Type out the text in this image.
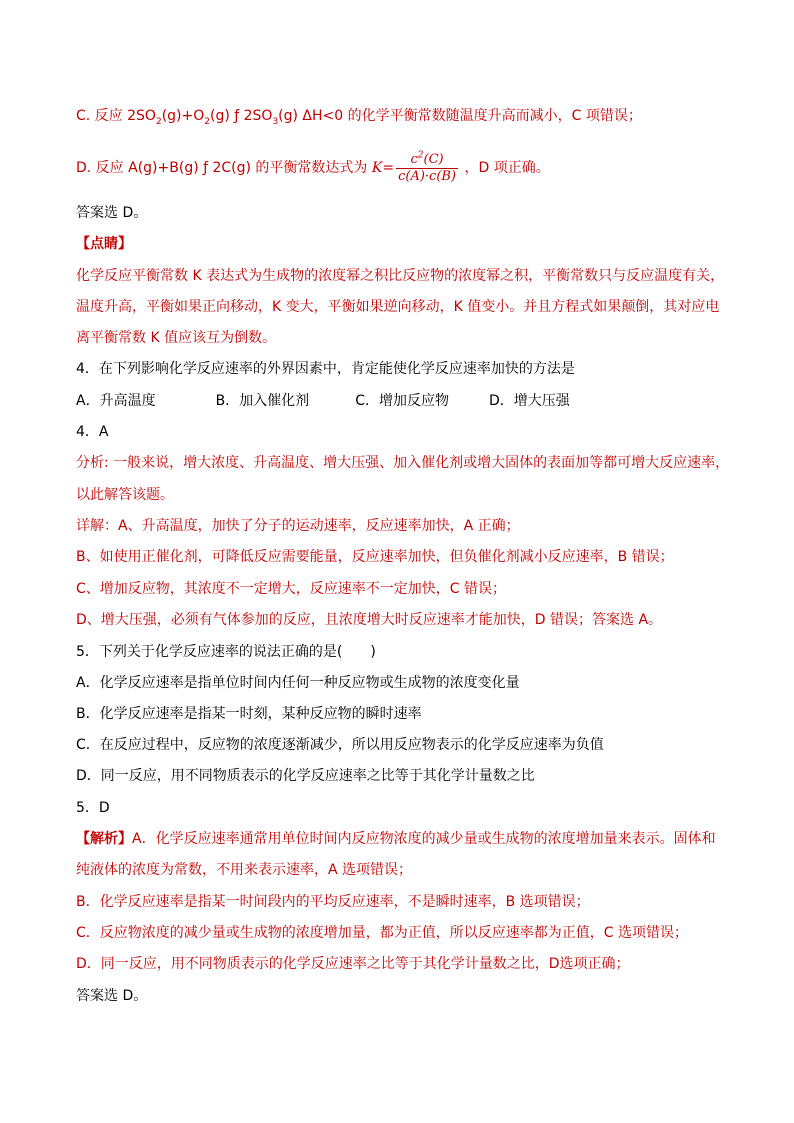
C. 反应 $2SO_2(g)+O_2(g)$ ƒ $2SO_3(g)$ ΔH<0 的化学平衡常数随温度升高而减小，C 项错误；
D. 反应 A(g)+B(g) ƒ 2C(g) 的平衡常数达式为 $K= \frac{c^2(C)}{c(A)\cdot c(B)}$ ，D 项正确。
答案选 D。
【点睛】
化学反应平衡常数 K 表达式为生成物的浓度幂之积比反应物的浓度幂之积，平衡常数只与反应温度有关，
温度升高，平衡如果正向移动，K 变大，平衡如果逆向移动，K 值变小。并且方程式如果颠倒，其对应电
离平衡常数 K 值应该互为倒数。
4．在下列影响化学反应速率的外界因素中，肯定能使化学反应速率加快的方法是
A．升高温度	B．加入催化剂	C．增加反应物	D．增大压强
4．A
分析: 一般来说，增大浓度、升高温度、增大压强、加入催化剂或增大固体的表面加等都可增大反应速率，
以此解答该题。
详解：A、升高温度，加快了分子的运动速率，反应速率加快，A 正确；
B、如使用正催化剂，可降低反应需要能量，反应速率加快，但负催化剂减小反应速率，B 错误；
C、增加反应物，其浓度不一定增大，反应速率不一定加快，C 错误；
D、增大压强，必须有气体参加的反应，且浓度增大时反应速率才能加快，D 错误；答案选 A。
5．下列关于化学反应速率的说法正确的是(　　)
A．化学反应速率是指单位时间内任何一种反应物或生成物的浓度变化量
B．化学反应速率是指某一时刻，某种反应物的瞬时速率
C．在反应过程中，反应物的浓度逐渐减少，所以用反应物表示的化学反应速率为负值
D．同一反应，用不同物质表示的化学反应速率之比等于其化学计量数之比
5．D
【解析】A．化学反应速率通常用单位时间内反应物浓度的减少量或生成物的浓度增加量来表示。固体和
纯液体的浓度为常数，不用来表示速率，A 选项错误；
B．化学反应速率是指某一时间段内的平均反应速率，不是瞬时速率，B 选项错误；
C．反应物浓度的减少量或生成物的浓度增加量，都为正值，所以反应速率都为正值，C 选项错误；
D．同一反应，用不同物质表示的化学反应速率之比等于其化学计量数之比，D选项正确；
答案选 D。
